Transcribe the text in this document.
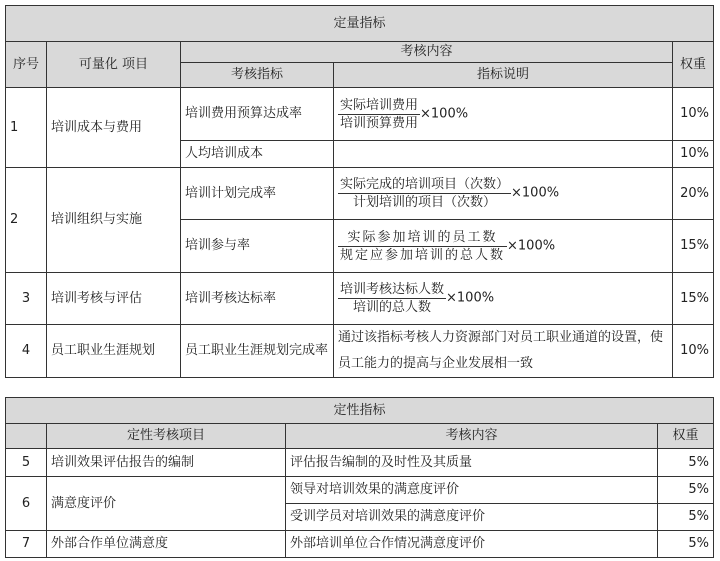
定量指标				
序号	可量化 项目	考核内容		权重
		考核指标	指标说明	
1	培训成本与费用	培训费用预算达成率	$\frac{\text{实际培训费用}}{\text{培训预算费用}} \times 100\%$	10%
		人均培训成本		10%
2	培训组织与实施	培训计划完成率	$\frac{\text{实际完成的培训项目（次数）}}{\text{计划培训的项目（次数）}} \times 100\%$	20%
		培训参与率	$\frac{\text{实际参加培训的员工数}}{\text{规定应参加培训的总人数}} \times 100\%$	15%
3	培训考核与评估	培训考核达标率	$\frac{\text{培训考核达标人数}}{\text{培训的总人数}} \times 100\%$	15%
4	员工职业生涯规划	员工职业生涯规划完成率	通过该指标考核人力资源部门对员工职业通道的设置，使员工能力的提高与企业发展相一致	10%
定性指标			
	定性考核项目	考核内容	权重
5	培训效果评估报告的编制	评估报告编制的及时性及其质量	5%
6	满意度评价	领导对培训效果的满意度评价	5%
		受训学员对培训效果的满意度评价	5%
7	外部合作单位满意度	外部培训单位合作情况满意度评价	5%
